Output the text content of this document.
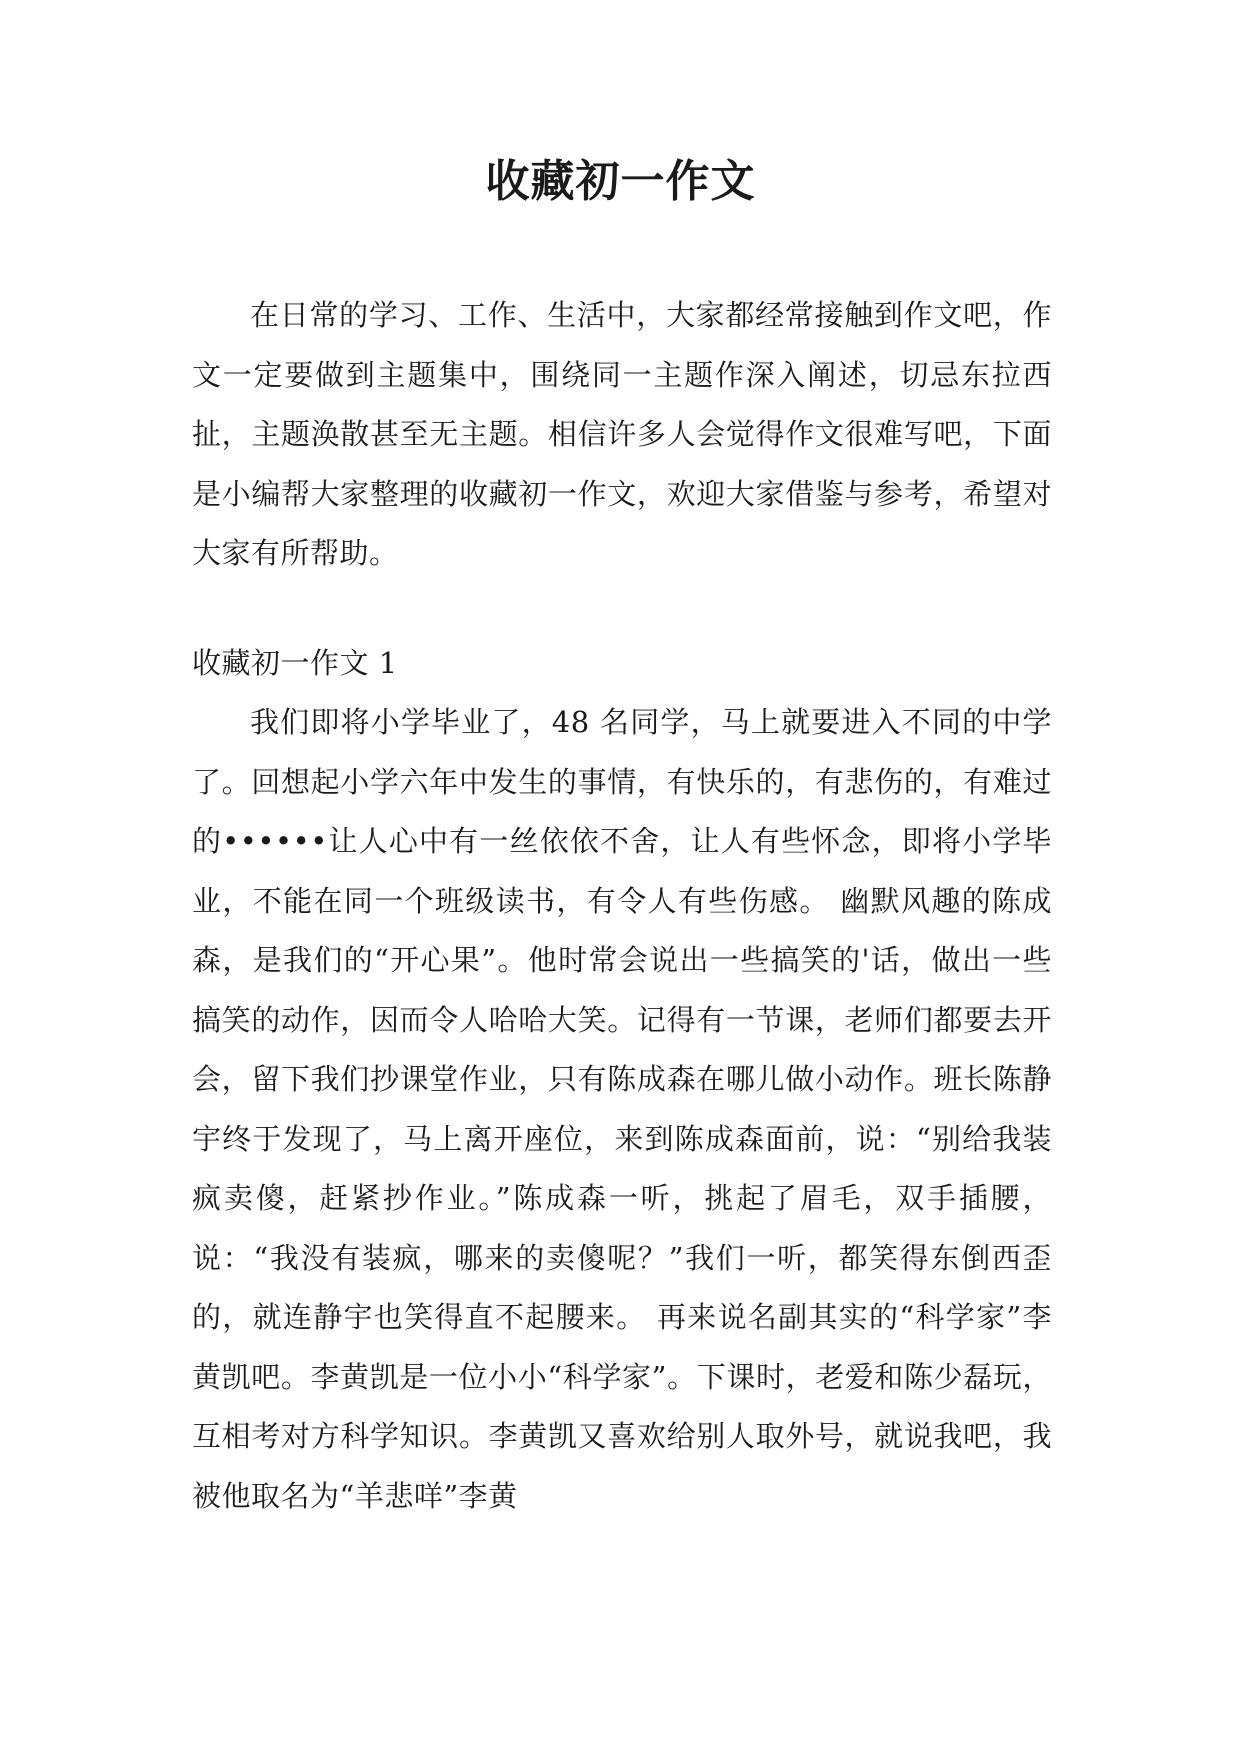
收藏初一作文
在日常的学习、工作、生活中，大家都经常接触到作文吧，作文一定要做到主题集中，围绕同一主题作深入阐述，切忌东拉西扯，主题涣散甚至无主题。相信许多人会觉得作文很难写吧，下面是小编帮大家整理的收藏初一作文，欢迎大家借鉴与参考，希望对大家有所帮助。
收藏初一作文 1
我们即将小学毕业了，48 名同学，马上就要进入不同的中学了。回想起小学六年中发生的事情，有快乐的，有悲伤的，有难过的••••••让人心中有一丝依依不舍，让人有些怀念，即将小学毕业，不能在同一个班级读书，有令人有些伤感。 幽默风趣的陈成森，是我们的“开心果”。他时常会说出一些搞笑的'话，做出一些搞笑的动作，因而令人哈哈大笑。记得有一节课，老师们都要去开会，留下我们抄课堂作业，只有陈成森在哪儿做小动作。班长陈静宇终于发现了，马上离开座位，来到陈成森面前，说：“别给我装疯卖傻，赶紧抄作业。”陈成森一听，挑起了眉毛，双手插腰，说：“我没有装疯，哪来的卖傻呢？”我们一听，都笑得东倒西歪的，就连静宇也笑得直不起腰来。 再来说名副其实的“科学家”李黄凯吧。李黄凯是一位小小“科学家”。下课时，老爱和陈少磊玩，互相考对方科学知识。李黄凯又喜欢给别人取外号，就说我吧，我被他取名为“羊悲咩”李黄
